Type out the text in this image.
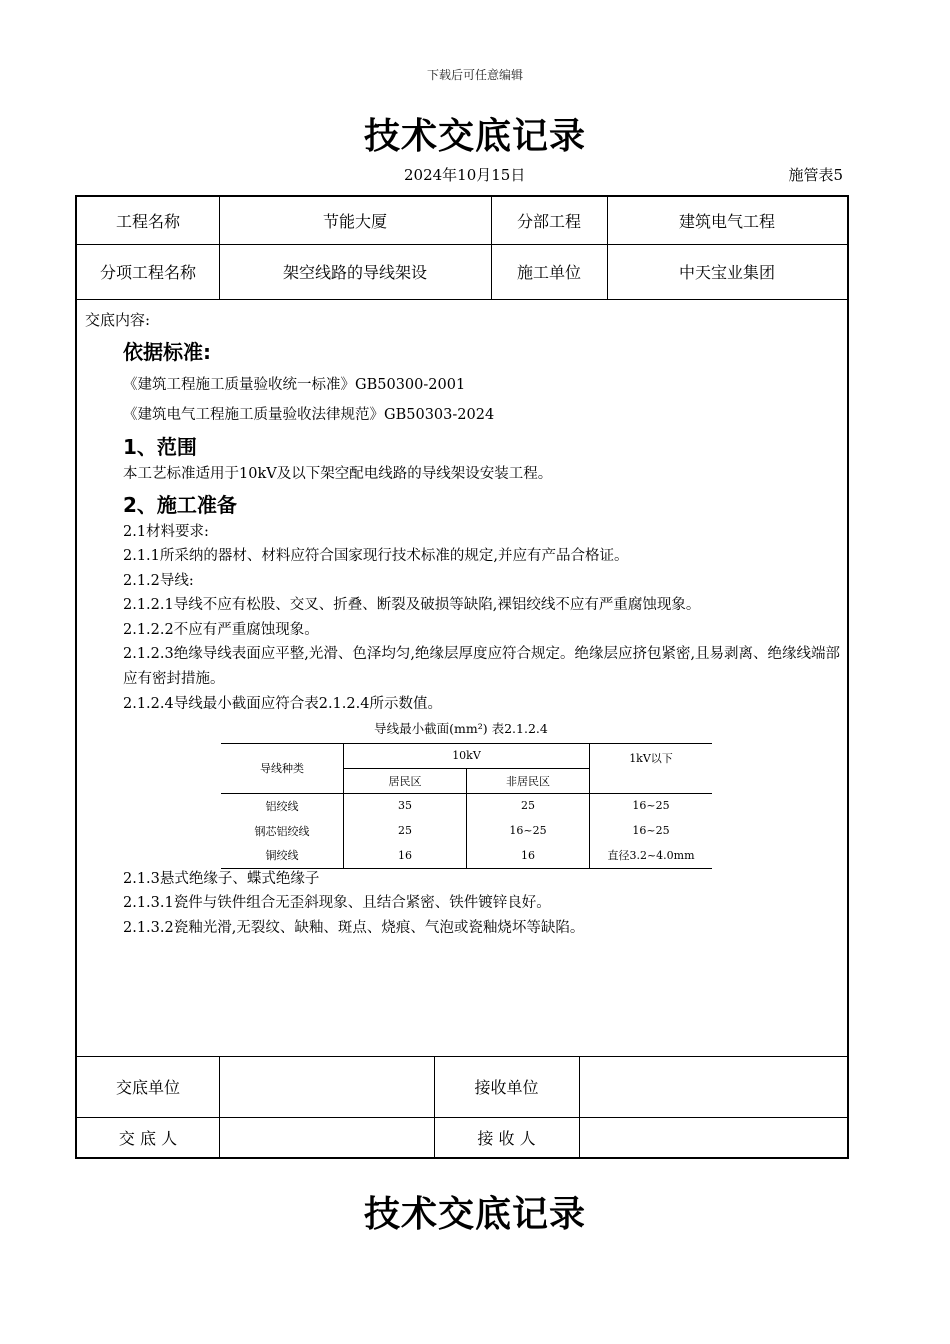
下载后可任意编辑
技术交底记录
2024年10月15日	施管表5
工程名称	节能大厦	分部工程	建筑电气工程
分项工程名称	架空线路的导线架设	施工单位	中天宝业集团
交底内容:
依据标准:
《建筑工程施工质量验收统一标准》GB50300-2001
《建筑电气工程施工质量验收法律规范》GB50303-2024
1、范围
本工艺标准适用于10kV及以下架空配电线路的导线架设安装工程。
2、施工准备
2.1材料要求:
2.1.1所采纳的器材、材料应符合国家现行技术标准的规定,并应有产品合格证。
2.1.2导线:
2.1.2.1导线不应有松股、交叉、折叠、断裂及破损等缺陷,裸铝绞线不应有严重腐蚀现象。
2.1.2.2不应有严重腐蚀现象。
2.1.2.3绝缘导线表面应平整,光滑、色泽均匀,绝缘层厚度应符合规定。绝缘层应挤包紧密,且易剥离、绝缘线端部应有密封措施。
2.1.2.4导线最小截面应符合表2.1.2.4所示数值。
导线最小截面(mm²) 表2.1.2.4
导线种类	10kV		1kV以下
	居民区	非居民区	
铝绞线	35	25	16~25
钢芯铝绞线	25	16~25	16~25
铜绞线	16	16	直径3.2~4.0mm
2.1.3悬式绝缘子、蝶式绝缘子
2.1.3.1瓷件与铁件组合无歪斜现象、且结合紧密、铁件镀锌良好。
2.1.3.2瓷釉光滑,无裂纹、缺釉、斑点、烧痕、气泡或瓷釉烧坏等缺陷。
交底单位	接收单位
交 底 人	接 收 人
技术交底记录
